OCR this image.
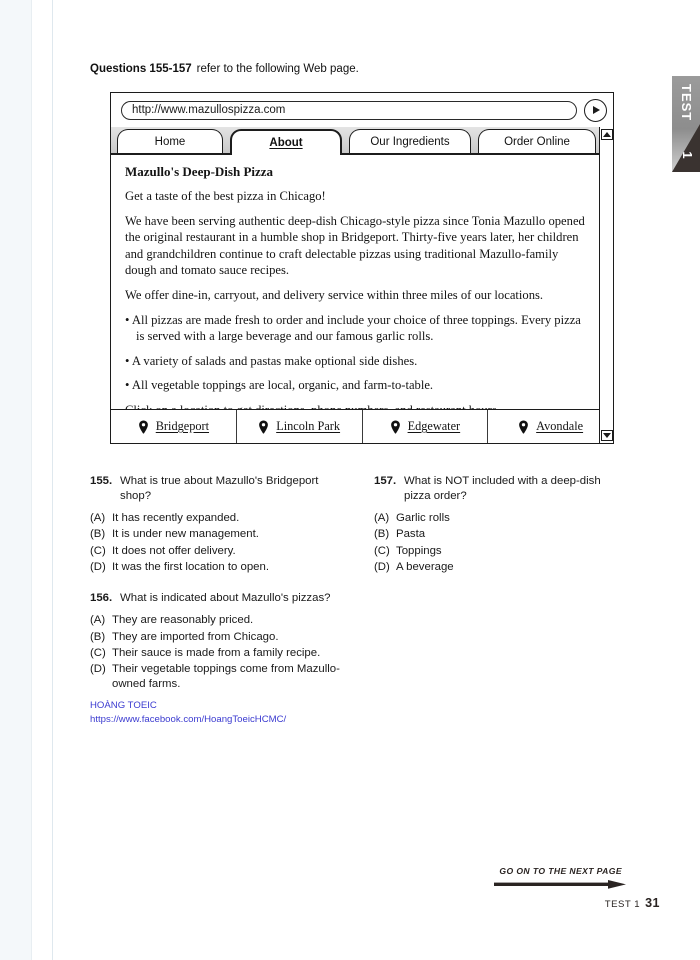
TEST
1
Questions 155-157 refer to the following Web page.
http://www.mazullospizza.com
Home	About	Our Ingredients	Order Online
Mazullo's Deep-Dish Pizza

Get a taste of the best pizza in Chicago!

We have been serving authentic deep-dish Chicago-style pizza since Tonia Mazullo opened the original restaurant in a humble shop in Bridgeport. Thirty-five years later, her children and grandchildren continue to craft delectable pizzas using traditional Mazullo-family dough and tomato sauce recipes.

We offer dine-in, carryout, and delivery service within three miles of our locations.

• All pizzas are made fresh to order and include your choice of three toppings. Every pizza is served with a large beverage and our famous garlic rolls.
• A variety of salads and pastas make optional side dishes.
• All vegetable toppings are local, organic, and farm-to-table.

Bridgeport	Lincoln Park	Edgewater	Avondale
155. What is true about Mazullo's Bridgeport shop?
(A) It has recently expanded.
(B) It is under new management.
(C) It does not offer delivery.
(D) It was the first location to open.
156. What is indicated about Mazullo's pizzas?
(A) They are reasonably priced.
(B) They are imported from Chicago.
(C) Their sauce is made from a family recipe.
(D) Their vegetable toppings come from Mazullo-owned farms.
157. What is NOT included with a deep-dish pizza order?
(A) Garlic rolls
(B) Pasta
(C) Toppings
(D) A beverage
HOÀNG TOEIC
https://www.facebook.com/HoangToeicHCMC/
GO ON TO THE NEXT PAGE
TEST 1 31
